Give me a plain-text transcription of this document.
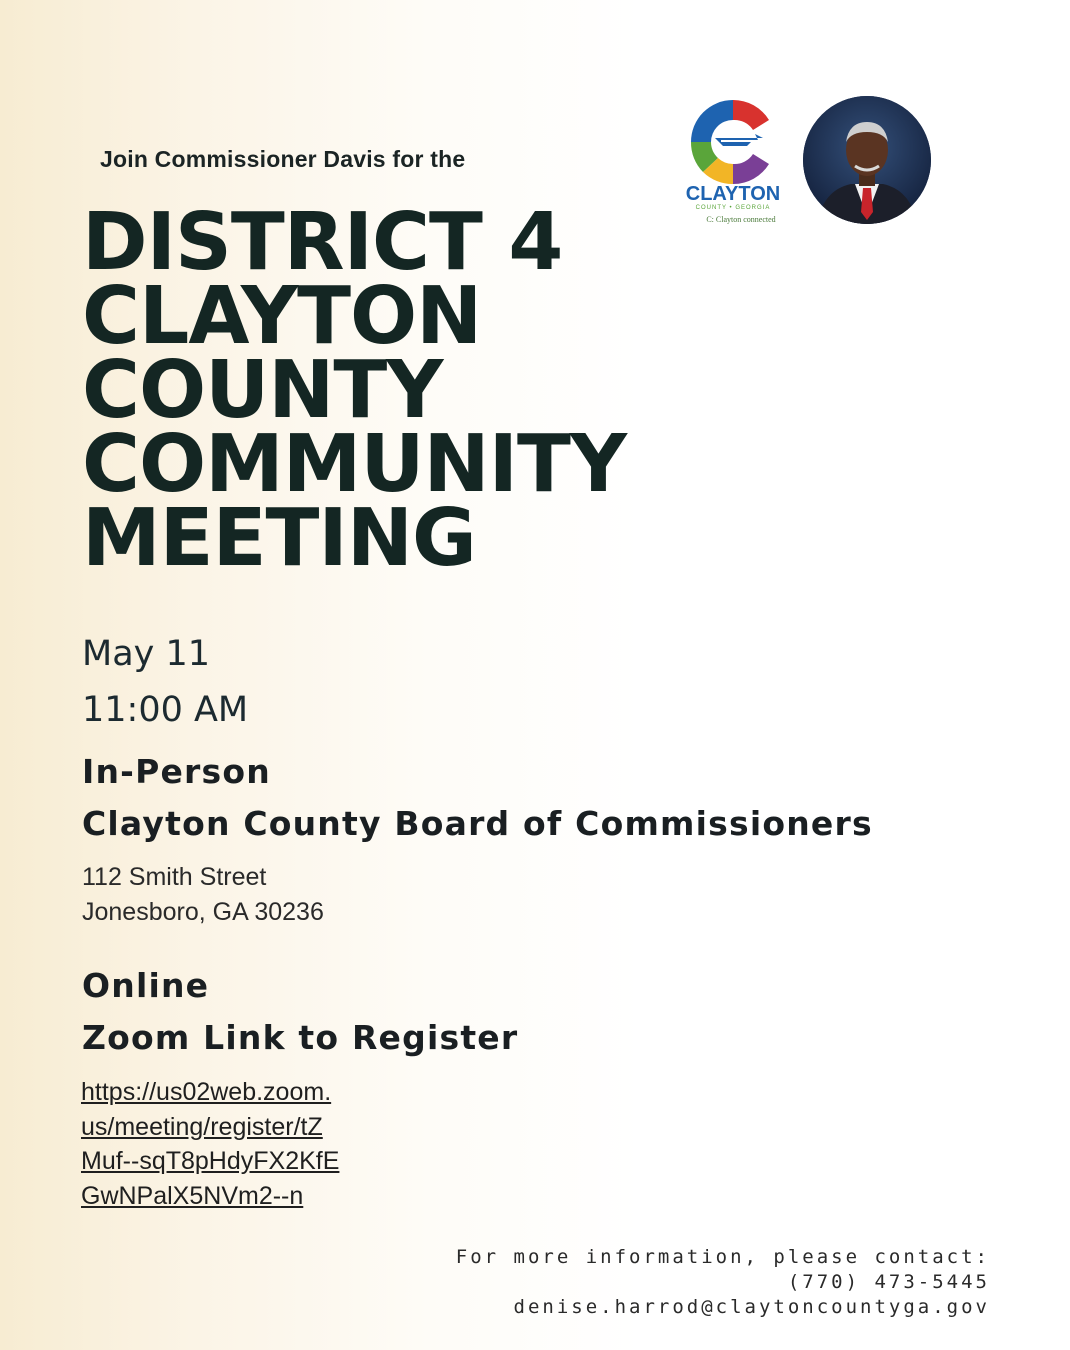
Join Commissioner Davis for the
DISTRICT 4
CLAYTON
COUNTY
COMMUNITY
MEETING
May 11
11:00 AM
In-Person
Clayton County Board of Commissioners
112 Smith Street
Jonesboro, GA 30236
Online
Zoom Link to Register
https://us02web.zoom.us/meeting/register/tZMuf--sqT8pHdyFX2KfEGwNPalX5NVm2--n
For more information, please contact:
(770) 473-5445
denise.harrod@claytoncountyga.gov
CLAYTON
COUNTY • GEORGIA
C: Clayton connected
